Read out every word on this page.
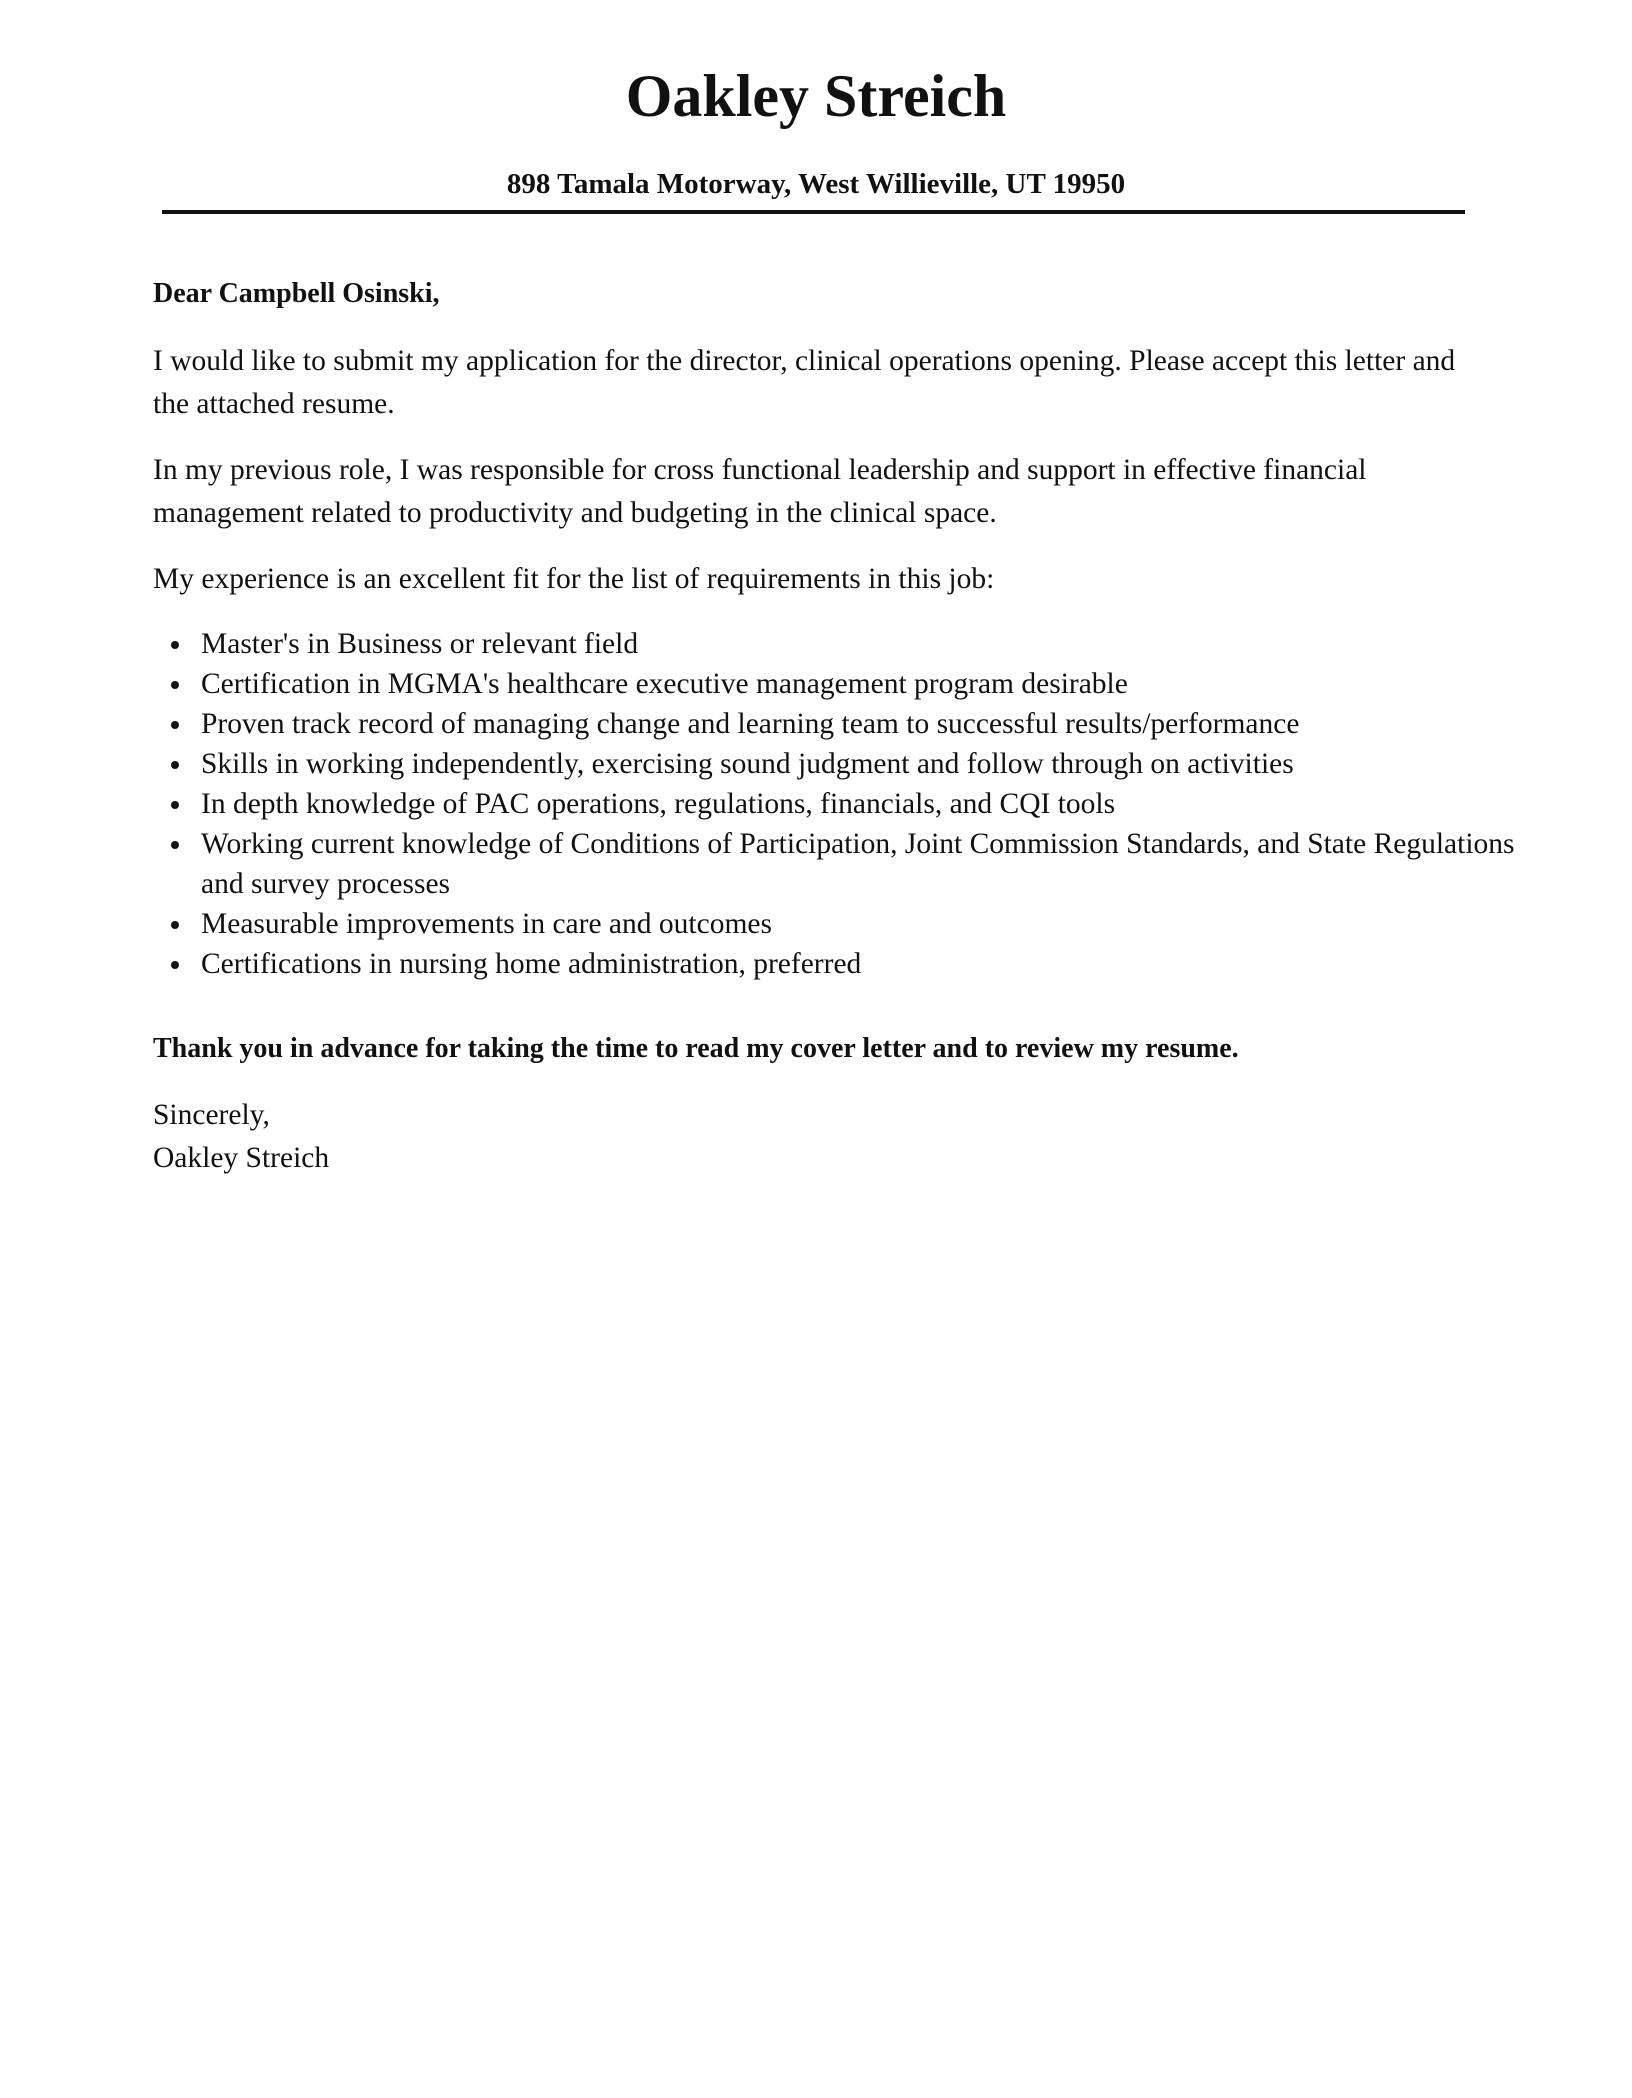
Oakley Streich
898 Tamala Motorway, West Willieville, UT 19950

Dear Campbell Osinski,

I would like to submit my application for the director, clinical operations opening. Please accept this letter and the attached resume.

In my previous role, I was responsible for cross functional leadership and support in effective financial management related to productivity and budgeting in the clinical space.

My experience is an excellent fit for the list of requirements in this job:

Master's in Business or relevant field
Certification in MGMA's healthcare executive management program desirable
Proven track record of managing change and learning team to successful results/performance
Skills in working independently, exercising sound judgment and follow through on activities
In depth knowledge of PAC operations, regulations, financials, and CQI tools
Working current knowledge of Conditions of Participation, Joint Commission Standards, and State Regulations and survey processes
Measurable improvements in care and outcomes
Certifications in nursing home administration, preferred

Thank you in advance for taking the time to read my cover letter and to review my resume.

Sincerely,
Oakley Streich
